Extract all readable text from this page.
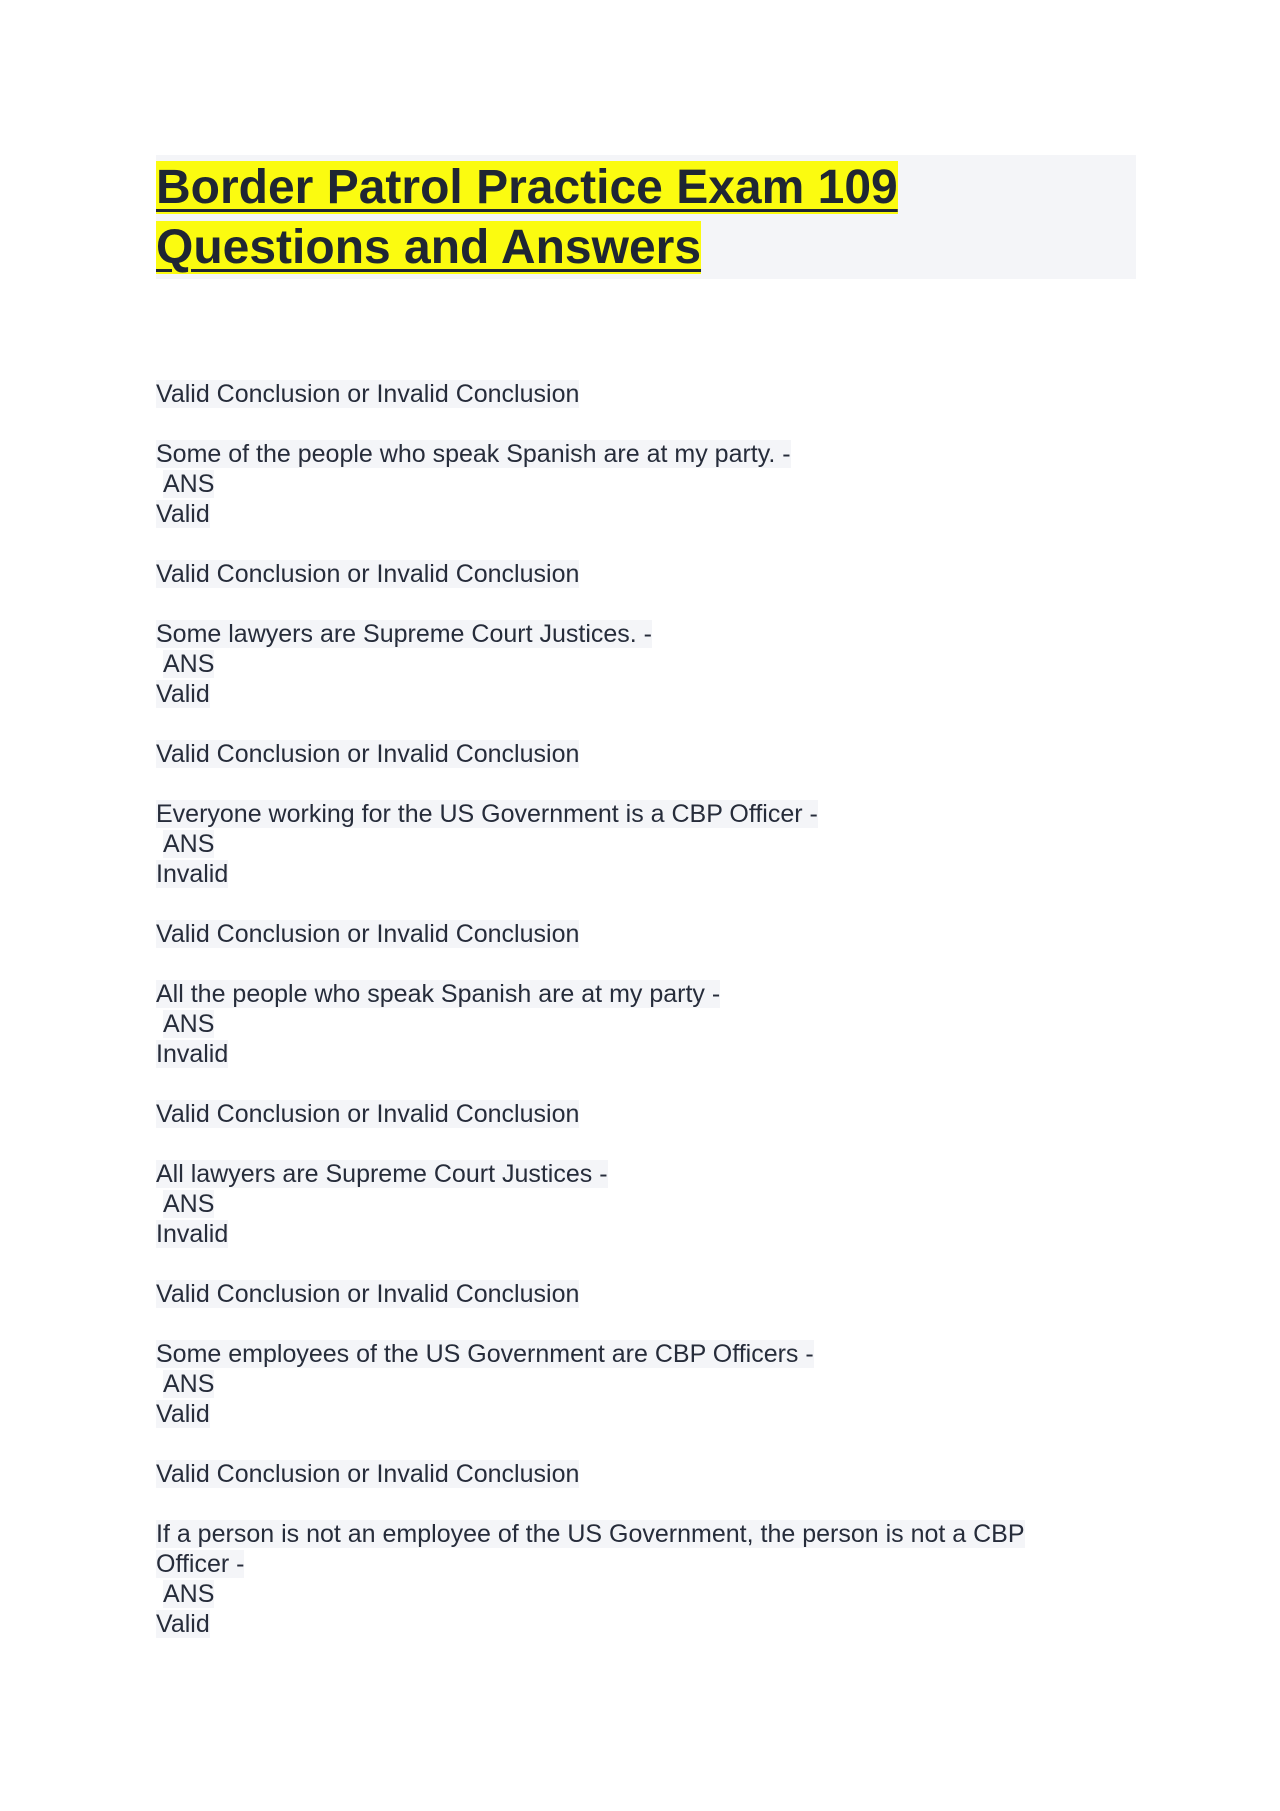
Border Patrol Practice Exam 109
Questions and Answers
Valid Conclusion or Invalid Conclusion
Some of the people who speak Spanish are at my party. -
ANS
Valid
Valid Conclusion or Invalid Conclusion
Some lawyers are Supreme Court Justices. -
ANS
Valid
Valid Conclusion or Invalid Conclusion
Everyone working for the US Government is a CBP Officer -
ANS
Invalid
Valid Conclusion or Invalid Conclusion
All the people who speak Spanish are at my party -
ANS
Invalid
Valid Conclusion or Invalid Conclusion
All lawyers are Supreme Court Justices -
ANS
Invalid
Valid Conclusion or Invalid Conclusion
Some employees of the US Government are CBP Officers -
ANS
Valid
Valid Conclusion or Invalid Conclusion
If a person is not an employee of the US Government, the person is not a CBP
Officer -
ANS
Valid
